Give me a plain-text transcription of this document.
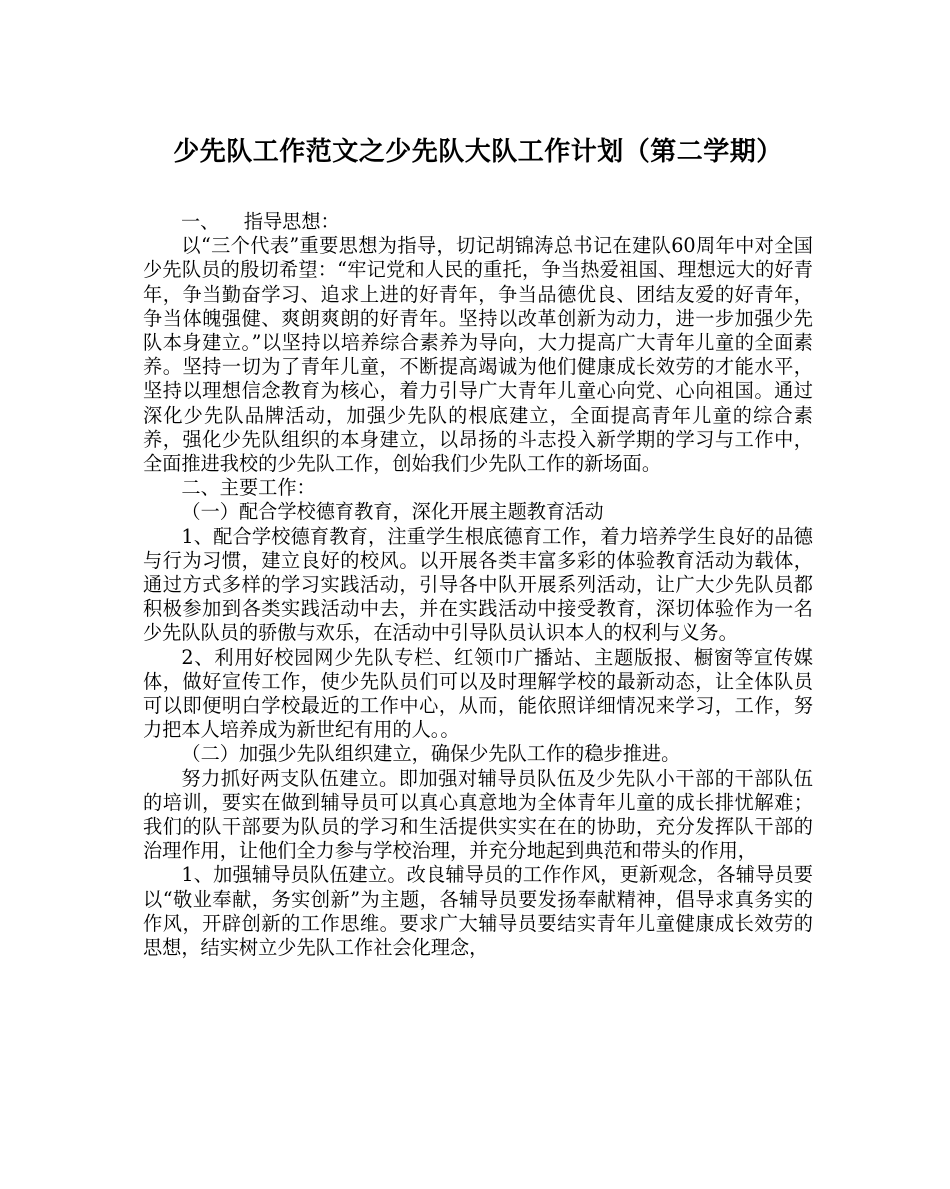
少先队工作范文之少先队大队工作计划（第二学期）

一、    指导思想：

以“三个代表”重要思想为指导，切记胡锦涛总书记在建队60周年中对全国少先队员的殷切希望：“牢记党和人民的重托，争当热爱祖国、理想远大的好青年，争当勤奋学习、追求上进的好青年，争当品德优良、团结友爱的好青年，争当体魄强健、爽朗爽朗的好青年。坚持以改革创新为动力，进一步加强少先队本身建立。”以坚持以培养综合素养为导向，大力提高广大青年儿童的全面素养。坚持一切为了青年儿童，不断提高竭诚为他们健康成长效劳的才能水平，坚持以理想信念教育为核心，着力引导广大青年儿童心向党、心向祖国。通过深化少先队品牌活动，加强少先队的根底建立，全面提高青年儿童的综合素养，强化少先队组织的本身建立，以昂扬的斗志投入新学期的学习与工作中，全面推进我校的少先队工作，创始我们少先队工作的新场面。

二、主要工作：

（一）配合学校德育教育，深化开展主题教育活动

1、配合学校德育教育，注重学生根底德育工作，着力培养学生良好的品德与行为习惯，建立良好的校风。以开展各类丰富多彩的体验教育活动为载体，通过方式多样的学习实践活动，引导各中队开展系列活动，让广大少先队员都积极参加到各类实践活动中去，并在实践活动中接受教育，深切体验作为一名少先队队员的骄傲与欢乐，在活动中引导队员认识本人的权利与义务。

2、利用好校园网少先队专栏、红领巾广播站、主题版报、橱窗等宣传媒体，做好宣传工作，使少先队员们可以及时理解学校的最新动态，让全体队员可以即便明白学校最近的工作中心，从而，能依照详细情况来学习，工作，努力把本人培养成为新世纪有用的人。。

（二）加强少先队组织建立，确保少先队工作的稳步推进。

努力抓好两支队伍建立。即加强对辅导员队伍及少先队小干部的干部队伍的培训，要实在做到辅导员可以真心真意地为全体青年儿童的成长排忧解难；我们的队干部要为队员的学习和生活提供实实在在的协助，充分发挥队干部的治理作用，让他们全力参与学校治理，并充分地起到典范和带头的作用，

1、加强辅导员队伍建立。改良辅导员的工作作风，更新观念，各辅导员要以“敬业奉献，务实创新”为主题，各辅导员要发扬奉献精神，倡导求真务实的作风，开辟创新的工作思维。要求广大辅导员要结实青年儿童健康成长效劳的思想，结实树立少先队工作社会化理念，
